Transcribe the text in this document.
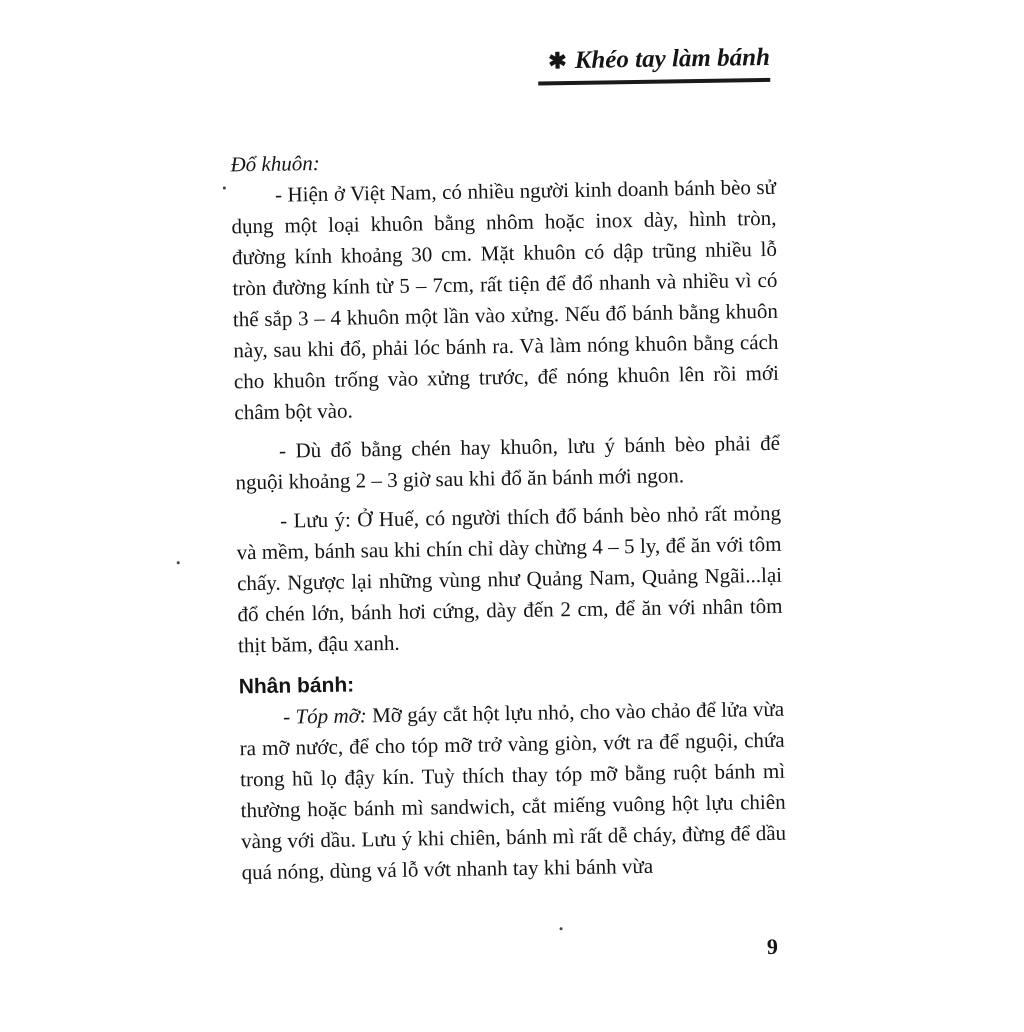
✱ Khéo tay làm bánh

Đổ khuôn:

- Hiện ở Việt Nam, có nhiều người kinh doanh bánh bèo sử dụng một loại khuôn bằng nhôm hoặc inox dày, hình tròn, đường kính khoảng 30 cm. Mặt khuôn có dập trũng nhiều lỗ tròn đường kính từ 5 – 7cm, rất tiện để đổ nhanh và nhiều vì có thể sắp 3 – 4 khuôn một lần vào xửng. Nếu đổ bánh bằng khuôn này, sau khi đổ, phải lóc bánh ra. Và làm nóng khuôn bằng cách cho khuôn trống vào xửng trước, để nóng khuôn lên rồi mới châm bột vào.

- Dù đổ bằng chén hay khuôn, lưu ý bánh bèo phải để nguội khoảng 2 – 3 giờ sau khi đổ ăn bánh mới ngon.

- Lưu ý: Ở Huế, có người thích đổ bánh bèo nhỏ rất mỏng và mềm, bánh sau khi chín chỉ dày chừng 4 – 5 ly, để ăn với tôm chấy. Ngược lại những vùng như Quảng Nam, Quảng Ngãi...lại đổ chén lớn, bánh hơi cứng, dày đến 2 cm, để ăn với nhân tôm thịt băm, đậu xanh.

Nhân bánh:

- Tóp mỡ: Mỡ gáy cắt hột lựu nhỏ, cho vào chảo để lửa vừa ra mỡ nước, để cho tóp mỡ trở vàng giòn, vớt ra để nguội, chứa trong hũ lọ đậy kín. Tuỳ thích thay tóp mỡ bằng ruột bánh mì thường hoặc bánh mì sandwich, cắt miếng vuông hột lựu chiên vàng với dầu. Lưu ý khi chiên, bánh mì rất dễ cháy, đừng để dầu quá nóng, dùng vá lỗ vớt nhanh tay khi bánh vừa

9
